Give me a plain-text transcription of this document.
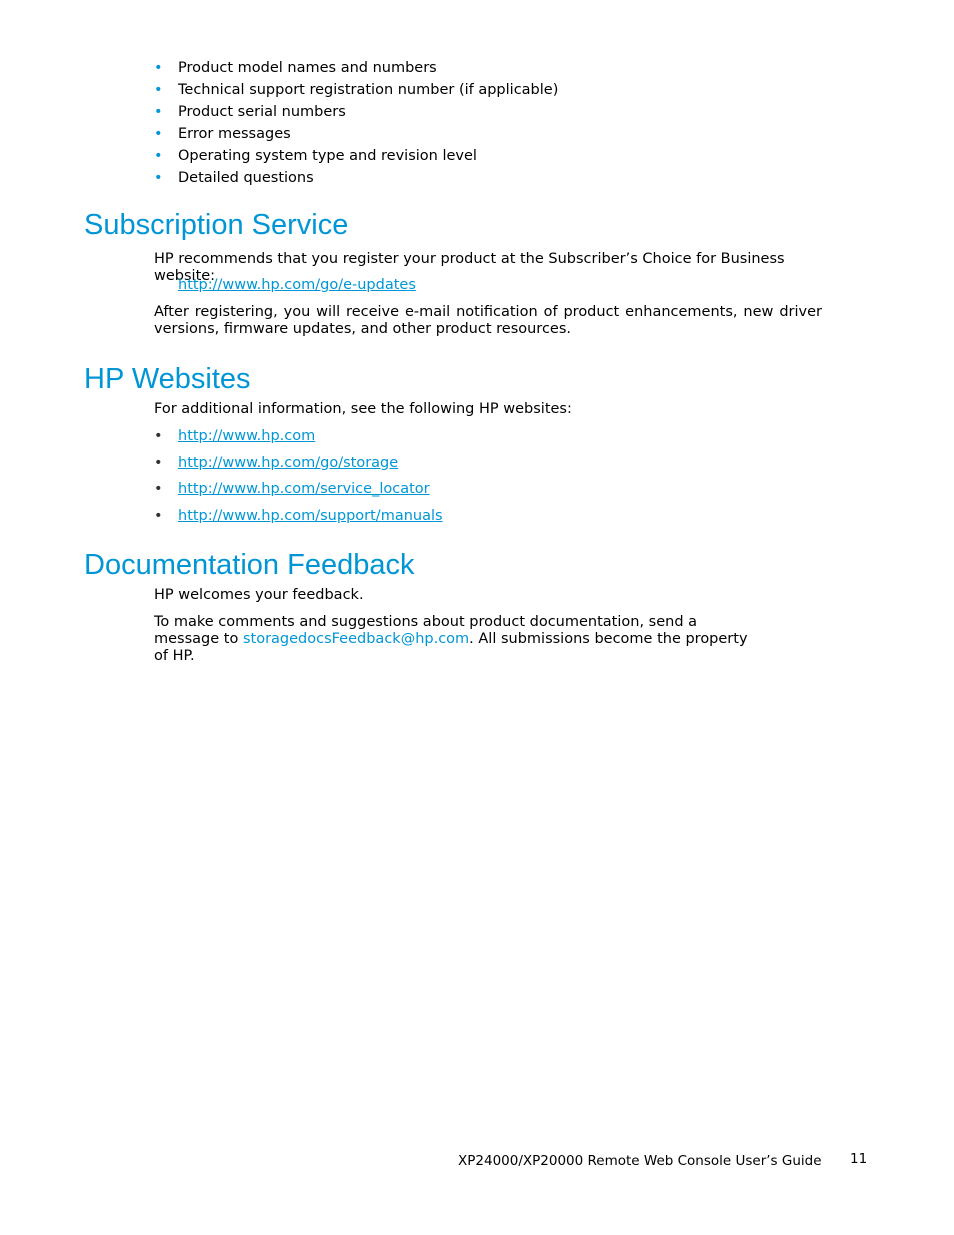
• Product model names and numbers
• Technical support registration number (if applicable)
• Product serial numbers
• Error messages
• Operating system type and revision level
• Detailed questions
Subscription Service

HP recommends that you register your product at the Subscriber’s Choice for Business website:

http://www.hp.com/go/e-updates

After registering, you will receive e-mail notification of product enhancements, new driver versions, firmware updates, and other product resources.

HP Websites

For additional information, see the following HP websites:

• http://www.hp.com
• http://www.hp.com/go/storage
• http://www.hp.com/service_locator
• http://www.hp.com/support/manuals
Documentation Feedback

HP welcomes your feedback.

To make comments and suggestions about product documentation, send a message to storagedocsFeedback@hp.com. All submissions become the property of HP.

XP24000/XP20000 Remote Web Console User’s Guide 11
